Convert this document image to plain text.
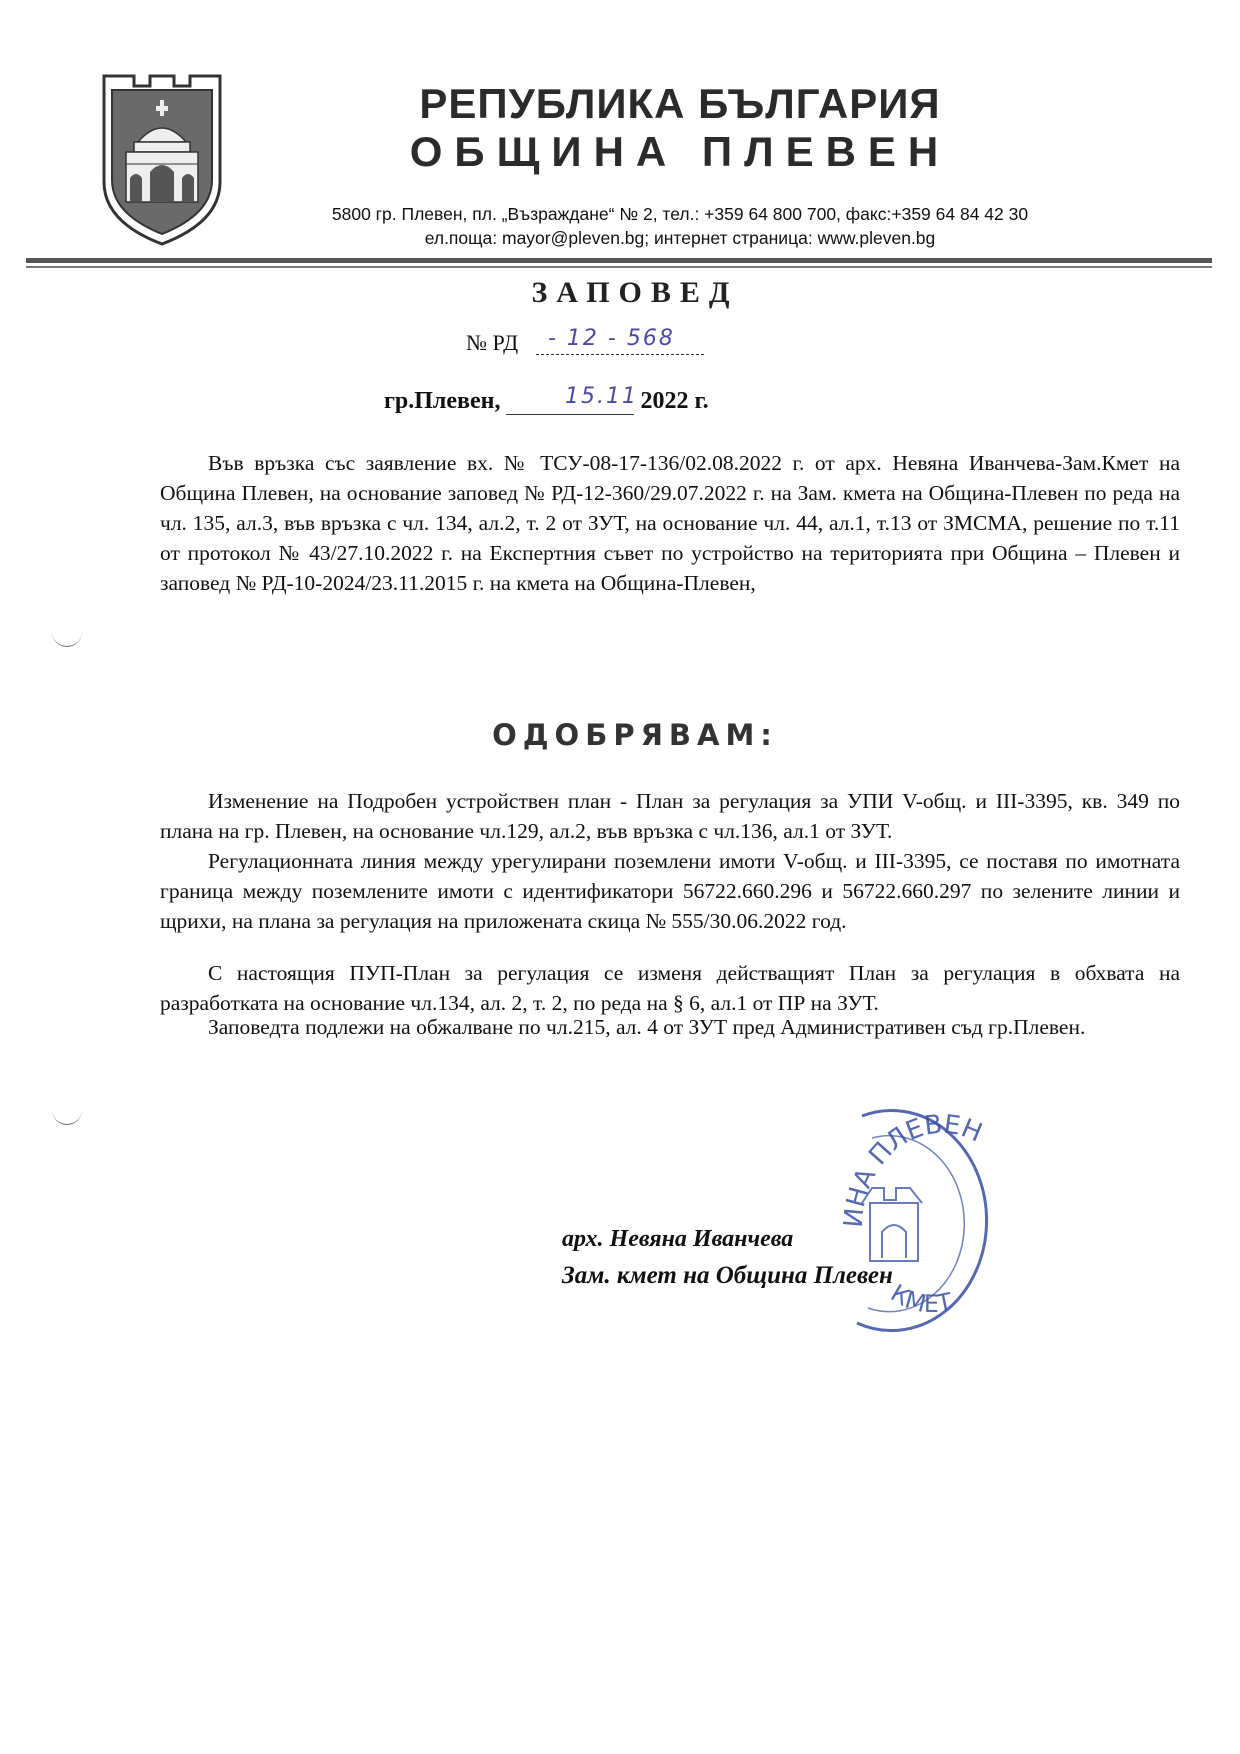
РЕПУБЛИКА БЪЛГАРИЯ
ОБЩИНА ПЛЕВЕН
5800 гр. Плевен, пл. „Възраждане“ № 2, тел.: +359 64 800 700, факс:+359 64 84 42 30
ел.поща: mayor@pleven.bg; интернет страница: www.pleven.bg
ЗАПОВЕД
№ РД - 12 - 568
гр.Плевен,	2022 г.
15.11
Във връзка със заявление вх. № ТСУ-08-17-136/02.08.2022 г. от арх. Невяна Иванчева-Зам.Кмет на Община Плевен, на основание заповед № РД-12-360/29.07.2022 г. на Зам. кмета на Община-Плевен по реда на чл. 135, ал.3, във връзка с чл. 134, ал.2, т. 2 от ЗУТ, на основание чл. 44, ал.1, т.13 от ЗМСМА, решение по т.11 от протокол № 43/27.10.2022 г. на Експертния съвет по устройство на територията при Община – Плевен и заповед № РД-10-2024/23.11.2015 г. на кмета на Община-Плевен,
ОДОБРЯВАМ:
Изменение на Подробен устройствен план - План за регулация за УПИ V-общ. и III-3395, кв. 349 по плана на гр. Плевен, на основание чл.129, ал.2, във връзка с чл.136, ал.1 от ЗУТ.
Регулационната линия между урегулирани поземлени имоти V-общ. и III-3395, се поставя по имотната граница между поземлените имоти с идентификатори 56722.660.296 и 56722.660.297 по зелените линии и щрихи, на плана за регулация на приложената скица № 555/30.06.2022 год.
С настоящия ПУП-План за регулация се изменя действащият План за регулация в обхвата на разработката на основание чл.134, ал. 2, т. 2, по реда на § 6, ал.1 от ПР на ЗУТ.
Заповедта подлежи на обжалване по чл.215, ал. 4 от ЗУТ пред Административен съд гр.Плевен.
ИНА ПЛЕВЕН
КМЕТ
арх. Невяна Иванчева
Зам. кмет на Община Плевен
